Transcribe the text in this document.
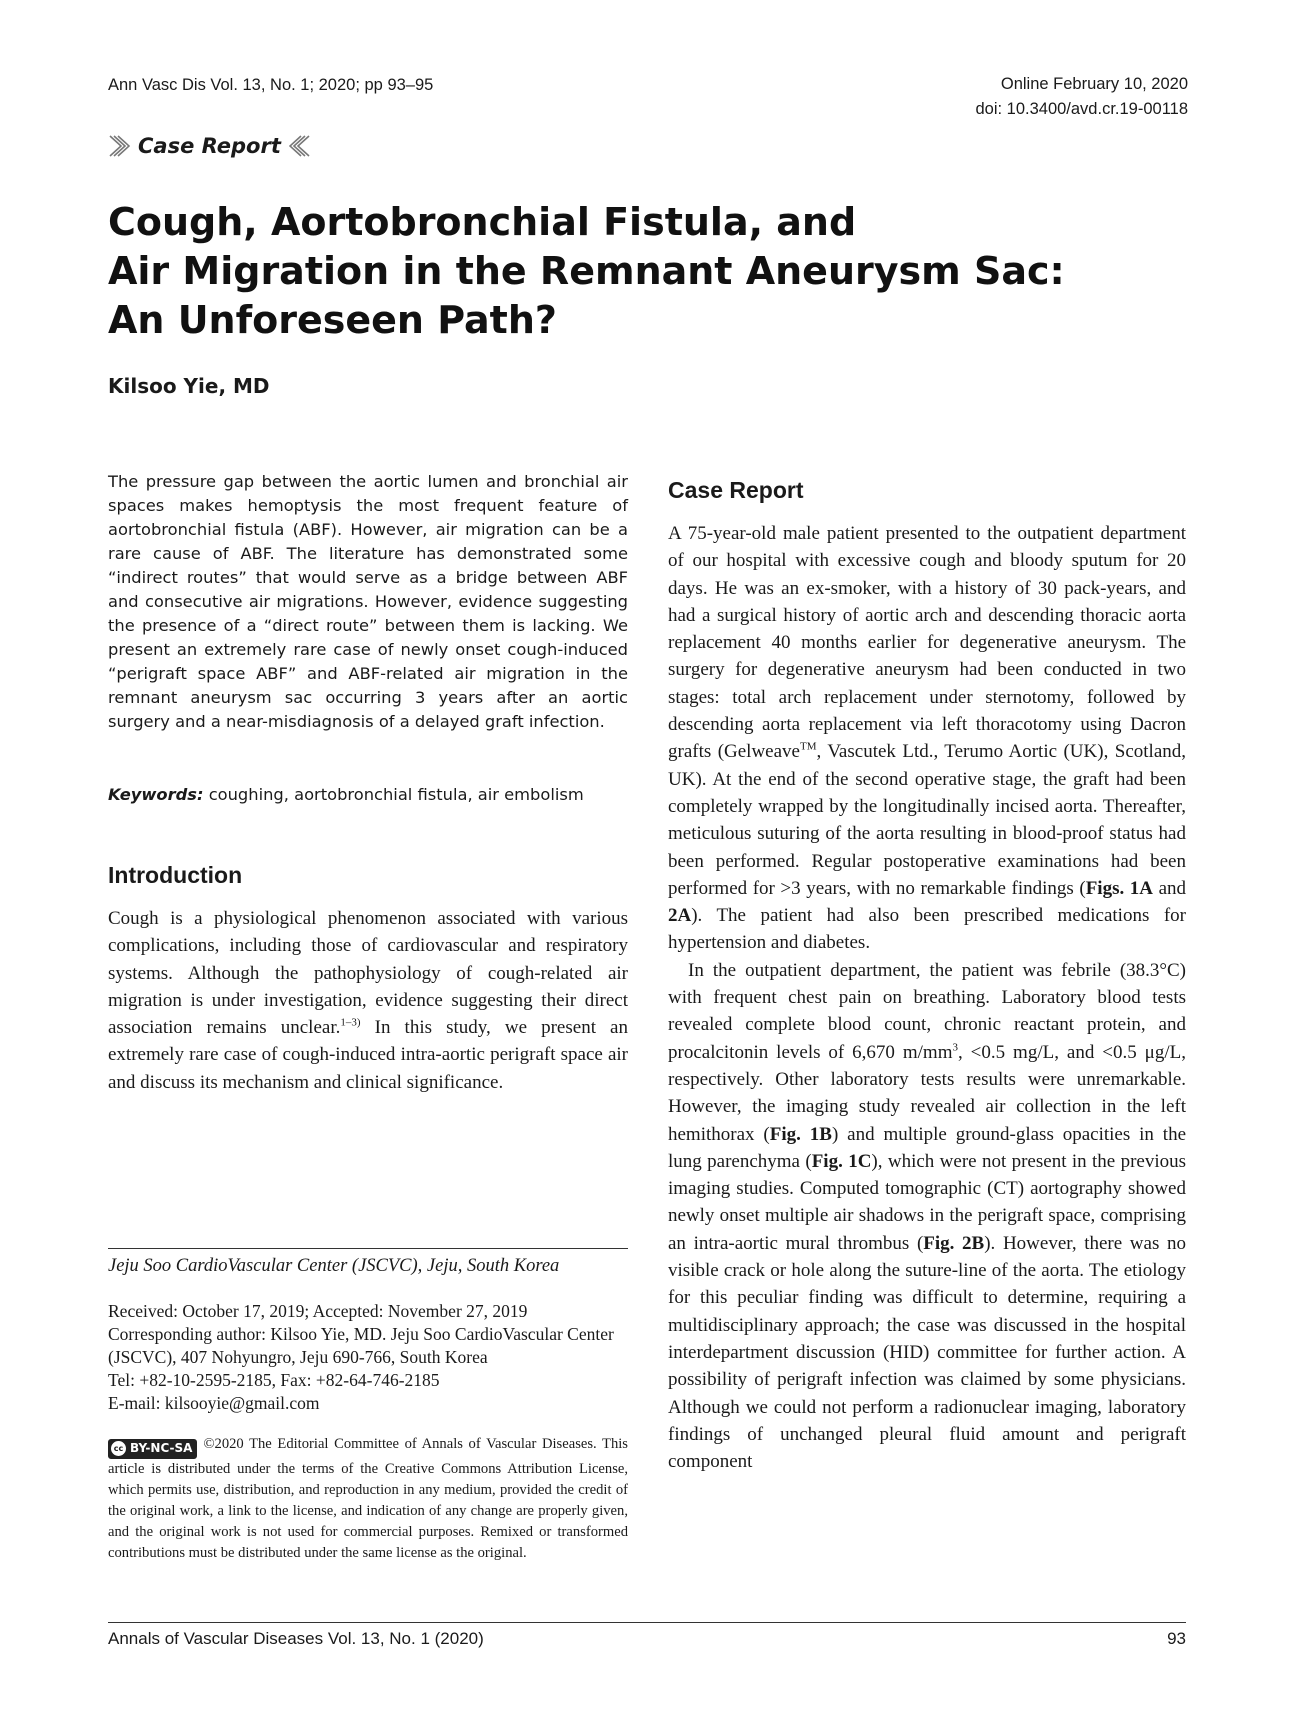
Ann Vasc Dis Vol. 13, No. 1; 2020; pp 93–95	Online February 10, 2020
doi: 10.3400/avd.cr.19-00118
Case Report
Cough, Aortobronchial Fistula, and
Air Migration in the Remnant Aneurysm Sac:
An Unforeseen Path?
Kilsoo Yie, MD

The pressure gap between the aortic lumen and bronchial air spaces makes hemoptysis the most frequent feature of aortobronchial fistula (ABF). However, air migration can be a rare cause of ABF. The literature has demonstrated some “indirect routes” that would serve as a bridge between ABF and consecutive air migrations. However, evidence suggesting the presence of a “direct route” between them is lacking. We present an extremely rare case of newly onset cough-induced “perigraft space ABF” and ABF-related air migration in the remnant aneurysm sac occurring 3 years after an aortic surgery and a near-misdiagnosis of a delayed graft infection.

Keywords: coughing, aortobronchial fistula, air embolism
Introduction

Cough is a physiological phenomenon associated with various complications, including those of cardiovascular and respiratory systems. Although the pathophysiology of cough-related air migration is under investigation, evidence suggesting their direct association remains unclear.$^{1-3)}$ In this study, we present an extremely rare case of cough-induced intra-aortic perigraft space air and discuss its mechanism and clinical significance.

Jeju Soo CardioVascular Center (JSCVC), Jeju, South Korea
Received: October 17, 2019; Accepted: November 27, 2019
Corresponding author: Kilsoo Yie, MD. Jeju Soo CardioVascular Center (JSCVC), 407 Nohyungro, Jeju 690-766, South Korea
Tel: +82-10-2595-2185, Fax: +82-64-746-2185
E-mail: kilsooyie@gmail.com

cc BY-NC-SA ©2020 The Editorial Committee of Annals of Vascular Diseases. This article is distributed under the terms of the Creative Commons Attribution License, which permits use, distribution, and reproduction in any medium, provided the credit of the original work, a link to the license, and indication of any change are properly given, and the original work is not used for commercial purposes. Remixed or transformed contributions must be distributed under the same license as the original.

Case Report

A 75-year-old male patient presented to the outpatient department of our hospital with excessive cough and bloody sputum for 20 days. He was an ex-smoker, with a history of 30 pack-years, and had a surgical history of aortic arch and descending thoracic aorta replacement 40 months earlier for degenerative aneurysm. The surgery for degenerative aneurysm had been conducted in two stages: total arch replacement under sternotomy, followed by descending aorta replacement via left thoracotomy using Dacron grafts (Gelweave™, Vascutek Ltd., Terumo Aortic (UK), Scotland, UK). At the end of the second operative stage, the graft had been completely wrapped by the longitudinally incised aorta. Thereafter, meticulous suturing of the aorta resulting in blood-proof status had been performed. Regular postoperative examinations had been performed for >3 years, with no remarkable findings (Figs. 1A and 2A). The patient had also been prescribed medications for hypertension and diabetes.

In the outpatient department, the patient was febrile (38.3°C) with frequent chest pain on breathing. Laboratory blood tests revealed complete blood count, chronic reactant protein, and procalcitonin levels of 6,670 $m/mm^3$, <0.5 mg/L, and <0.5 μg/L, respectively. Other laboratory tests results were unremarkable. However, the imaging study revealed air collection in the left hemithorax (Fig. 1B) and multiple ground-glass opacities in the lung parenchyma (Fig. 1C), which were not present in the previous imaging studies. Computed tomographic (CT) aortography showed newly onset multiple air shadows in the perigraft space, comprising an intra-aortic mural thrombus (Fig. 2B). However, there was no visible crack or hole along the suture-line of the aorta. The etiology for this peculiar finding was difficult to determine, requiring a multidisciplinary approach; the case was discussed in the hospital interdepartment discussion (HID) committee for further action. A possibility of perigraft infection was claimed by some physicians. Although we could not perform a radionuclear imaging, laboratory findings of unchanged pleural fluid amount and perigraft component

Annals of Vascular Diseases Vol. 13, No. 1 (2020)	93
